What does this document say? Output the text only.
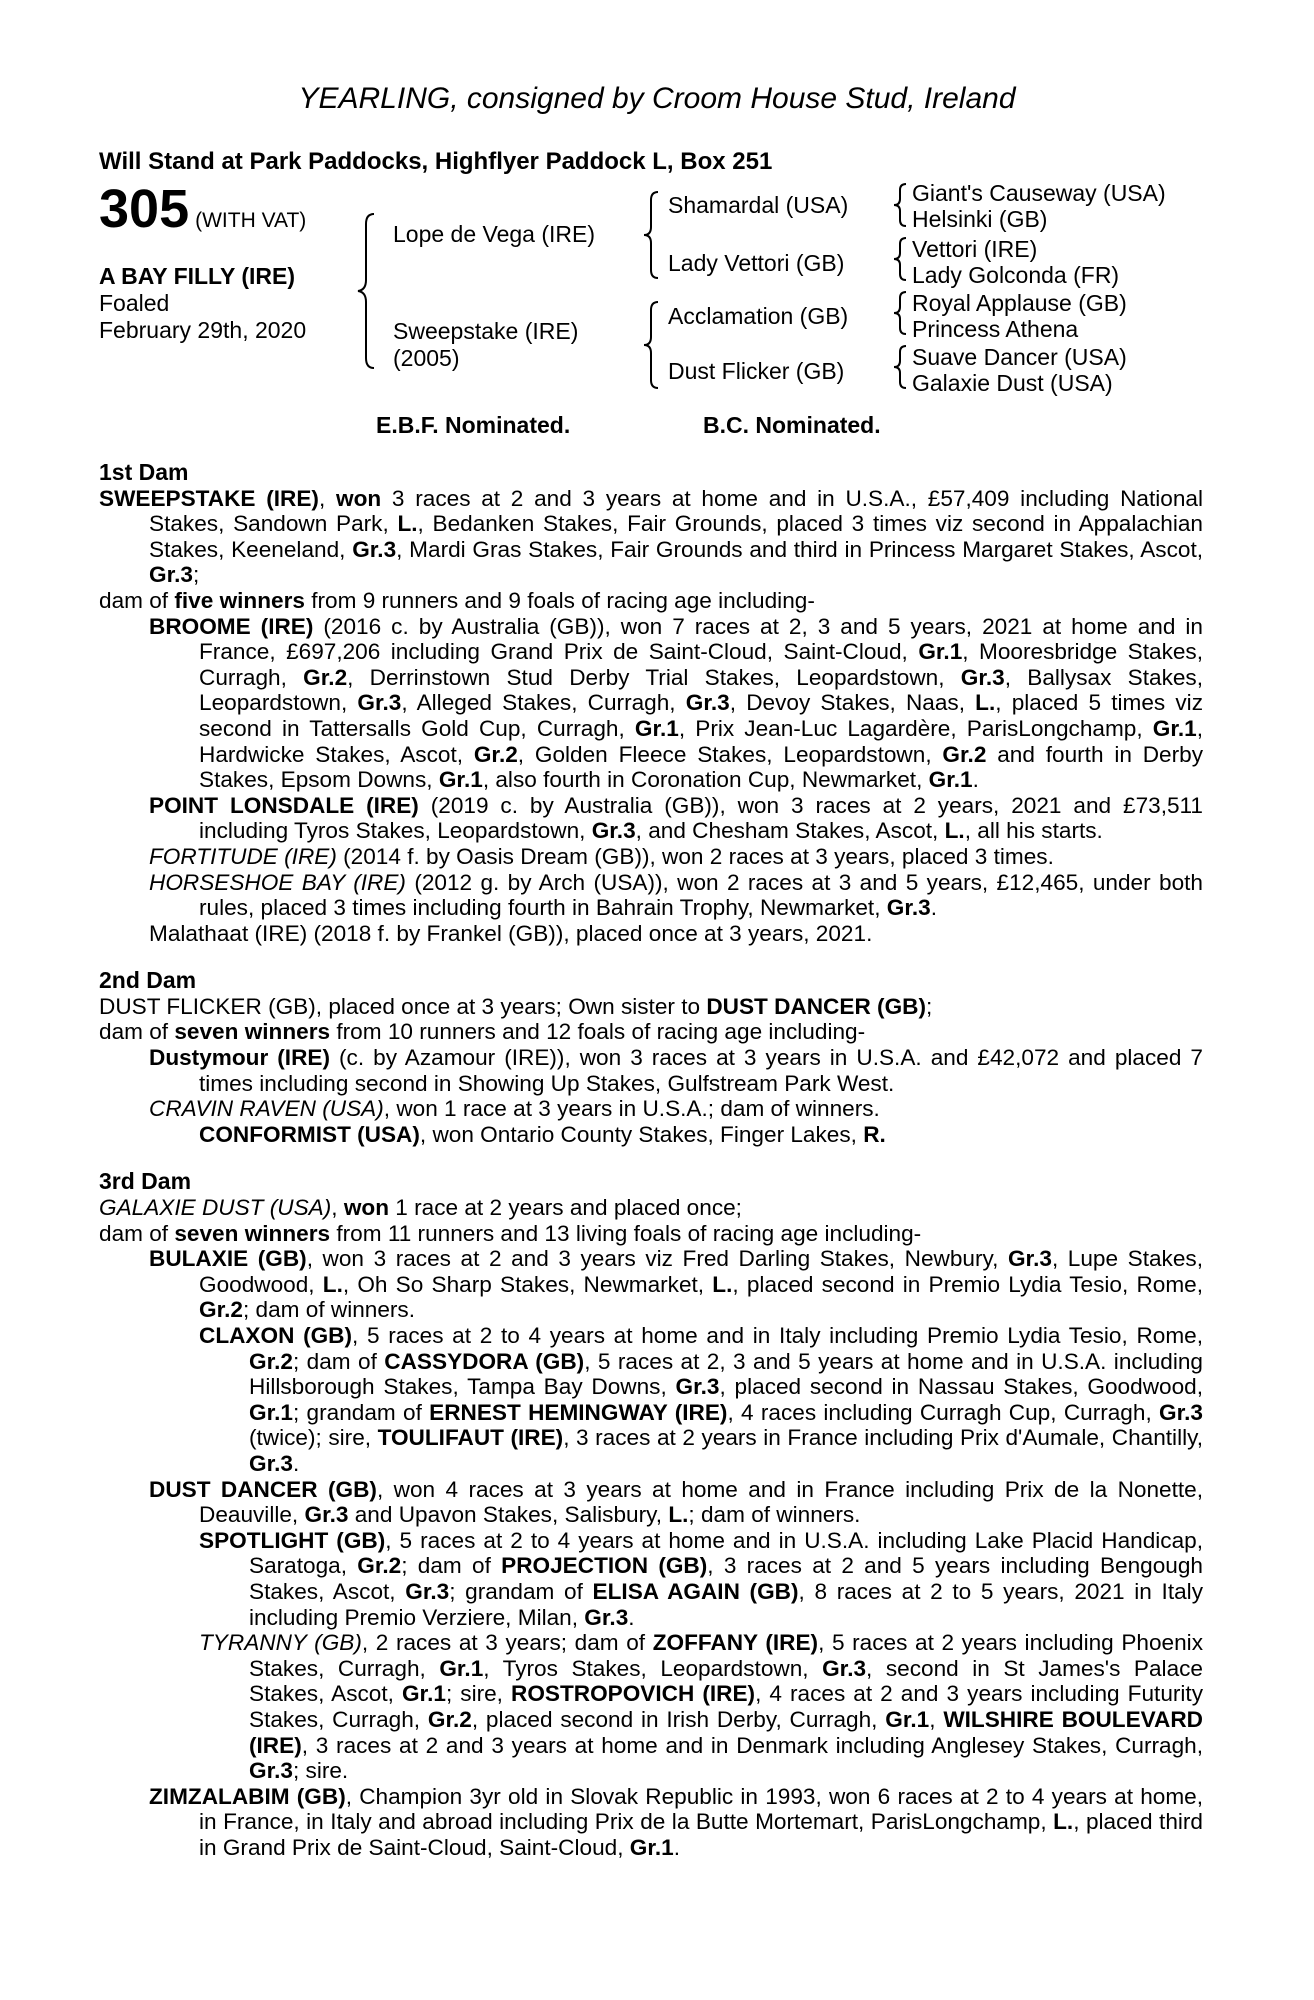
YEARLING, consigned by Croom House Stud, Ireland
Will Stand at Park Paddocks, Highflyer Paddock L, Box 251
305 (WITH VAT)
A BAY FILLY (IRE)
Foaled
February 29th, 2020
Lope de Vega (IRE)
Sweepstake (IRE)
(2005)
Shamardal (USA)
Lady Vettori (GB)
Acclamation (GB)
Dust Flicker (GB)
Giant's Causeway (USA)
Helsinki (GB)
Vettori (IRE)
Lady Golconda (FR)
Royal Applause (GB)
Princess Athena
Suave Dancer (USA)
Galaxie Dust (USA)
E.B.F. Nominated.	B.C. Nominated.
1st Dam
SWEEPSTAKE (IRE), won 3 races at 2 and 3 years at home and in U.S.A., £57,409 including National Stakes, Sandown Park, L., Bedanken Stakes, Fair Grounds, placed 3 times viz second in Appalachian Stakes, Keeneland, Gr.3, Mardi Gras Stakes, Fair Grounds and third in Princess Margaret Stakes, Ascot, Gr.3;
dam of five winners from 9 runners and 9 foals of racing age including-
BROOME (IRE) (2016 c. by Australia (GB)), won 7 races at 2, 3 and 5 years, 2021 at home and in France, £697,206 including Grand Prix de Saint-Cloud, Saint-Cloud, Gr.1, Mooresbridge Stakes, Curragh, Gr.2, Derrinstown Stud Derby Trial Stakes, Leopardstown, Gr.3, Ballysax Stakes, Leopardstown, Gr.3, Alleged Stakes, Curragh, Gr.3, Devoy Stakes, Naas, L., placed 5 times viz second in Tattersalls Gold Cup, Curragh, Gr.1, Prix Jean-Luc Lagardère, ParisLongchamp, Gr.1, Hardwicke Stakes, Ascot, Gr.2, Golden Fleece Stakes, Leopardstown, Gr.2 and fourth in Derby Stakes, Epsom Downs, Gr.1, also fourth in Coronation Cup, Newmarket, Gr.1.
POINT LONSDALE (IRE) (2019 c. by Australia (GB)), won 3 races at 2 years, 2021 and £73,511 including Tyros Stakes, Leopardstown, Gr.3, and Chesham Stakes, Ascot, L., all his starts.
FORTITUDE (IRE) (2014 f. by Oasis Dream (GB)), won 2 races at 3 years, placed 3 times.
HORSESHOE BAY (IRE) (2012 g. by Arch (USA)), won 2 races at 3 and 5 years, £12,465, under both rules, placed 3 times including fourth in Bahrain Trophy, Newmarket, Gr.3.
Malathaat (IRE) (2018 f. by Frankel (GB)), placed once at 3 years, 2021.
2nd Dam
DUST FLICKER (GB), placed once at 3 years; Own sister to DUST DANCER (GB);
dam of seven winners from 10 runners and 12 foals of racing age including-
Dustymour (IRE) (c. by Azamour (IRE)), won 3 races at 3 years in U.S.A. and £42,072 and placed 7 times including second in Showing Up Stakes, Gulfstream Park West.
CRAVIN RAVEN (USA), won 1 race at 3 years in U.S.A.; dam of winners.
CONFORMIST (USA), won Ontario County Stakes, Finger Lakes, R.
3rd Dam
GALAXIE DUST (USA), won 1 race at 2 years and placed once;
dam of seven winners from 11 runners and 13 living foals of racing age including-
BULAXIE (GB), won 3 races at 2 and 3 years viz Fred Darling Stakes, Newbury, Gr.3, Lupe Stakes, Goodwood, L., Oh So Sharp Stakes, Newmarket, L., placed second in Premio Lydia Tesio, Rome, Gr.2; dam of winners.
CLAXON (GB), 5 races at 2 to 4 years at home and in Italy including Premio Lydia Tesio, Rome, Gr.2; dam of CASSYDORA (GB), 5 races at 2, 3 and 5 years at home and in U.S.A. including Hillsborough Stakes, Tampa Bay Downs, Gr.3, placed second in Nassau Stakes, Goodwood, Gr.1; grandam of ERNEST HEMINGWAY (IRE), 4 races including Curragh Cup, Curragh, Gr.3 (twice); sire, TOULIFAUT (IRE), 3 races at 2 years in France including Prix d'Aumale, Chantilly, Gr.3.
DUST DANCER (GB), won 4 races at 3 years at home and in France including Prix de la Nonette, Deauville, Gr.3 and Upavon Stakes, Salisbury, L.; dam of winners.
SPOTLIGHT (GB), 5 races at 2 to 4 years at home and in U.S.A. including Lake Placid Handicap, Saratoga, Gr.2; dam of PROJECTION (GB), 3 races at 2 and 5 years including Bengough Stakes, Ascot, Gr.3; grandam of ELISA AGAIN (GB), 8 races at 2 to 5 years, 2021 in Italy including Premio Verziere, Milan, Gr.3.
TYRANNY (GB), 2 races at 3 years; dam of ZOFFANY (IRE), 5 races at 2 years including Phoenix Stakes, Curragh, Gr.1, Tyros Stakes, Leopardstown, Gr.3, second in St James's Palace Stakes, Ascot, Gr.1; sire, ROSTROPOVICH (IRE), 4 races at 2 and 3 years including Futurity Stakes, Curragh, Gr.2, placed second in Irish Derby, Curragh, Gr.1, WILSHIRE BOULEVARD (IRE), 3 races at 2 and 3 years at home and in Denmark including Anglesey Stakes, Curragh, Gr.3; sire.
ZIMZALABIM (GB), Champion 3yr old in Slovak Republic in 1993, won 6 races at 2 to 4 years at home, in France, in Italy and abroad including Prix de la Butte Mortemart, ParisLongchamp, L., placed third in Grand Prix de Saint-Cloud, Saint-Cloud, Gr.1.
